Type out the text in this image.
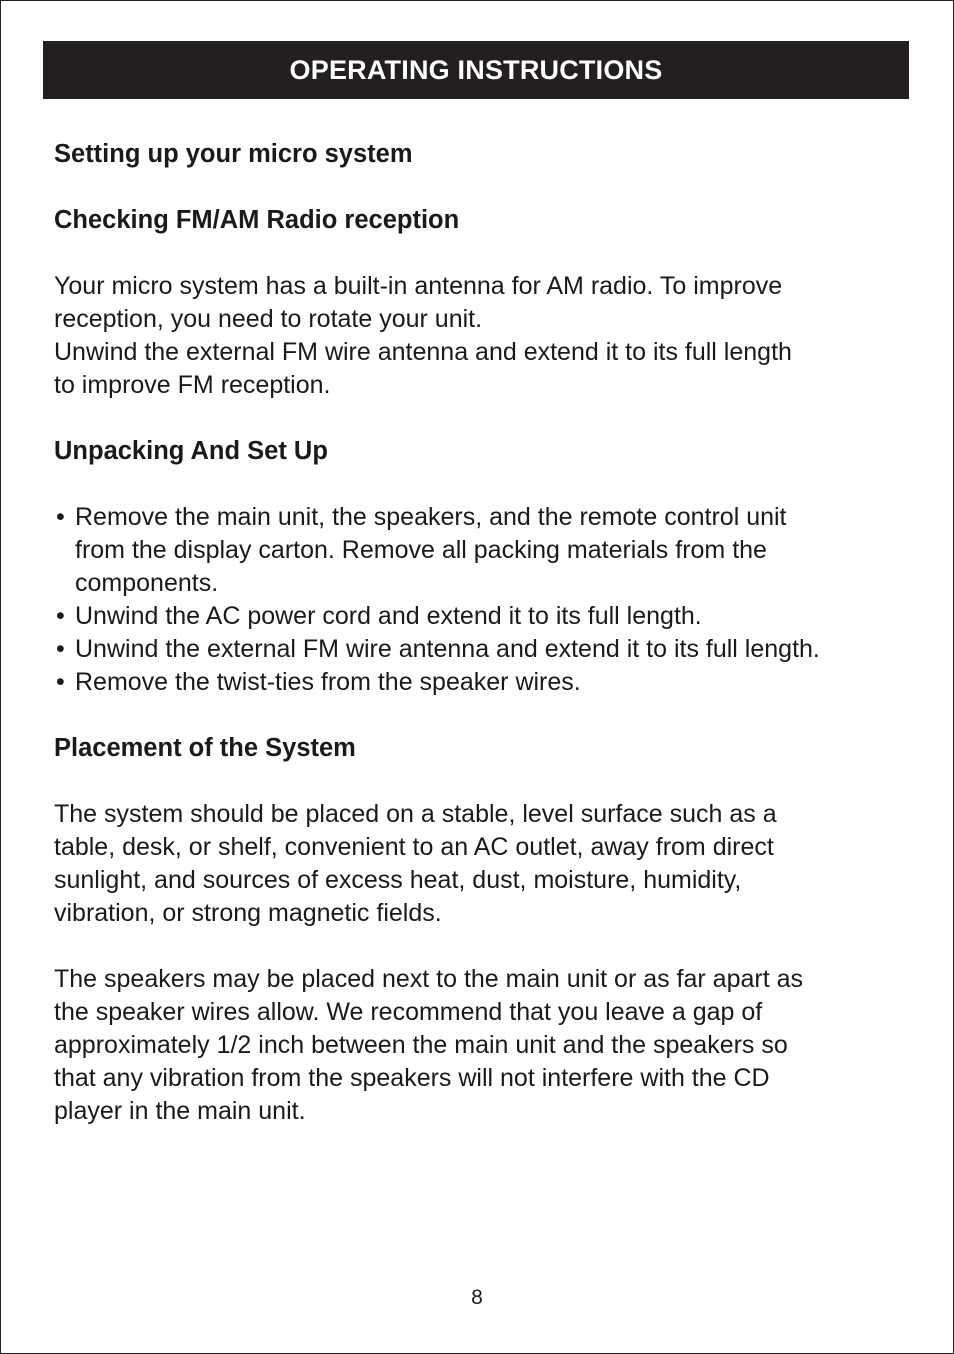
OPERATING INSTRUCTIONS
Setting up your micro system
Checking FM/AM Radio reception

Your micro system has a built-in antenna for AM radio. To improve
reception, you need to rotate your unit.

Unwind the external FM wire antenna and extend it to its full length
to improve FM reception.

Unpacking And Set Up
• Remove the main unit, the speakers, and the remote control unit
from the display carton. Remove all packing materials from the
components.
• Unwind the AC power cord and extend it to its full length.
• Unwind the external FM wire antenna and extend it to its full length.
• Remove the twist-ties from the speaker wires.
Placement of the System

The system should be placed on a stable, level surface such as a
table, desk, or shelf, convenient to an AC outlet, away from direct
sunlight, and sources of excess heat, dust, moisture, humidity,
vibration, or strong magnetic fields.

The speakers may be placed next to the main unit or as far apart as
the speaker wires allow. We recommend that you leave a gap of
approximately 1/2 inch between the main unit and the speakers so
that any vibration from the speakers will not interfere with the CD
player in the main unit.

8
